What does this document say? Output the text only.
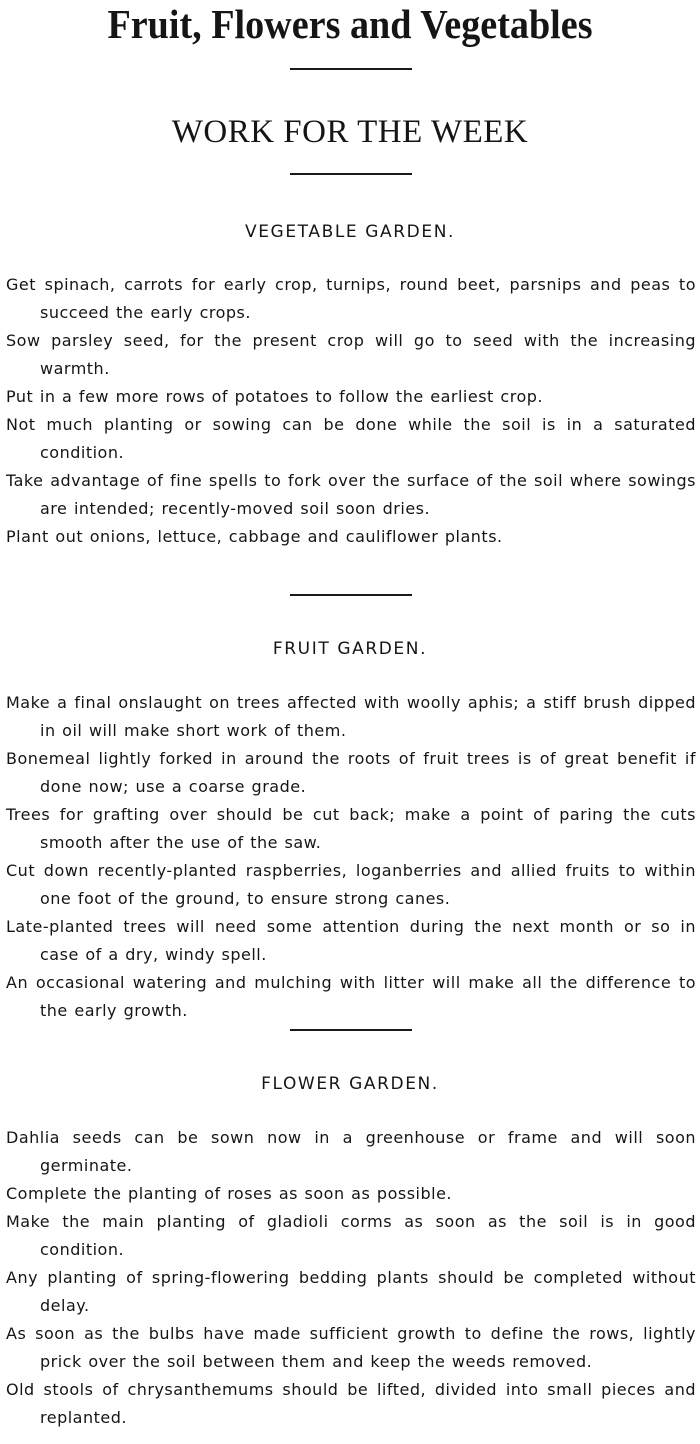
Fruit, Flowers and Vegetables
WORK FOR THE WEEK
VEGETABLE GARDEN.
Get spinach, carrots for early crop, turnips, round beet, parsnips and peas to succeed the early crops.
Sow parsley seed, for the present crop will go to seed with the increasing warmth.
Put in a few more rows of potatoes to follow the earliest crop.
Not much planting or sowing can be done while the soil is in a saturated condition.
Take advantage of fine spells to fork over the surface of the soil where sowings are intended; recently-moved soil soon dries.
Plant out onions, lettuce, cabbage and cauliflower plants.
FRUIT GARDEN.
Make a final onslaught on trees affected with woolly aphis; a stiff brush dipped in oil will make short work of them.
Bonemeal lightly forked in around the roots of fruit trees is of great benefit if done now; use a coarse grade.
Trees for grafting over should be cut back; make a point of paring the cuts smooth after the use of the saw.
Cut down recently-planted raspberries, loganberries and allied fruits to within one foot of the ground, to ensure strong canes.
Late-planted trees will need some attention during the next month or so in case of a dry, windy spell.
An occasional watering and mulching with litter will make all the difference to the early growth.
FLOWER GARDEN.
Dahlia seeds can be sown now in a greenhouse or frame and will soon germinate.
Complete the planting of roses as soon as possible.
Make the main planting of gladioli corms as soon as the soil is in good condition.
Any planting of spring-flowering bedding plants should be completed without delay.
As soon as the bulbs have made sufficient growth to define the rows, lightly prick over the soil between them and keep the weeds removed.
Old stools of chrysanthemums should be lifted, divided into small pieces and replanted.
